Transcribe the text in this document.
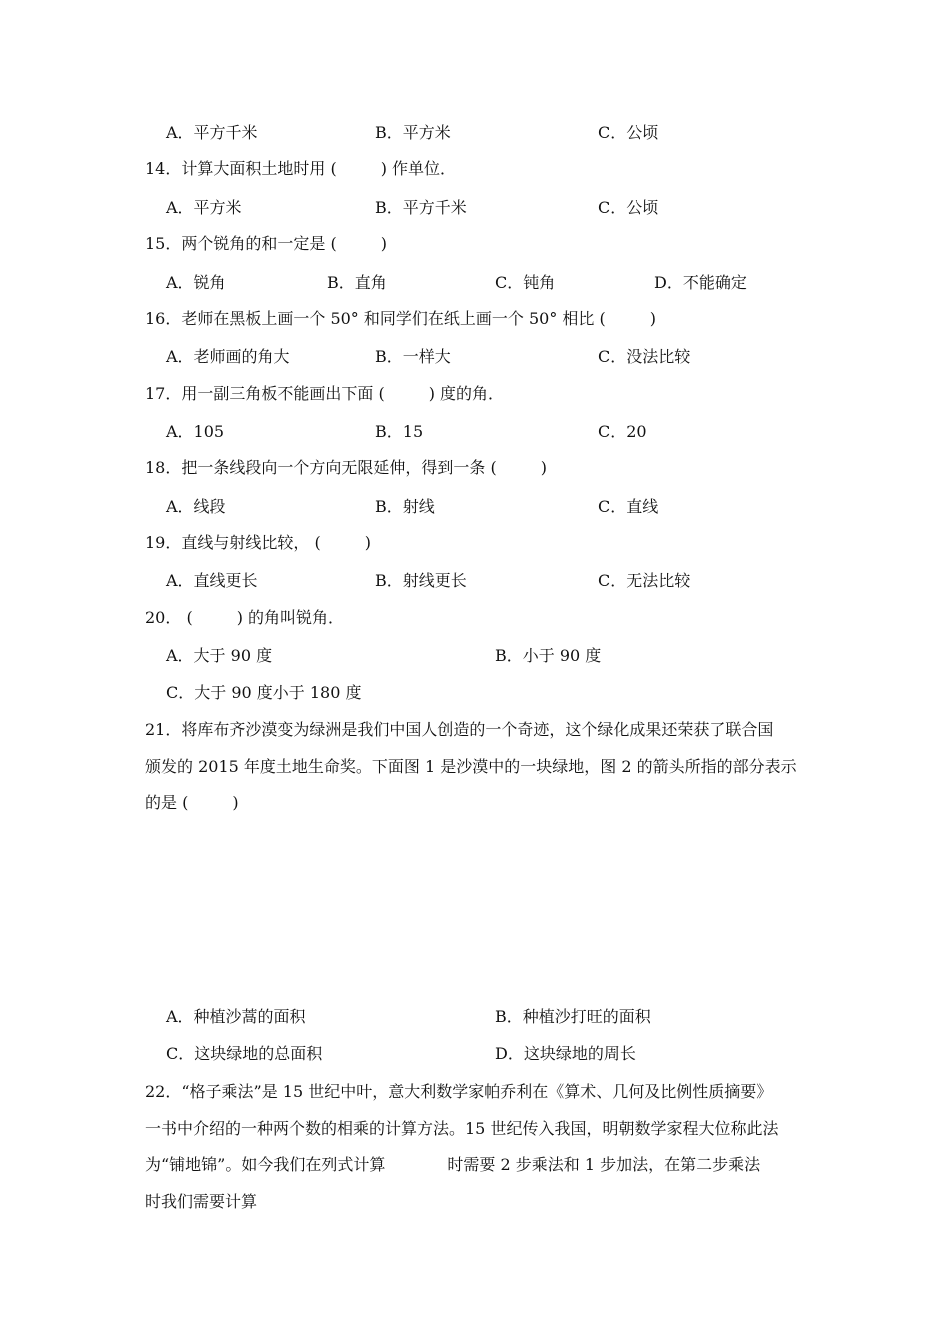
A．平方千米	B．平方米	C．公顷
14．计算大面积土地时用 (	) 作单位．
A．平方米	B．平方千米	C．公顷
15．两个锐角的和一定是 (	)
A．锐角	B．直角	C．钝角	D．不能确定
16．老师在黑板上画一个 50° 和同学们在纸上画一个 50° 相比 (	)
A．老师画的角大	B．一样大	C．没法比较
17．用一副三角板不能画出下面 (	) 度的角．
A．105	B．15	C．20
18．把一条线段向一个方向无限延伸，得到一条 (	)
A．线段	B．射线	C．直线
19．直线与射线比较， (	)
A．直线更长	B．射线更长	C．无法比较
20． (	) 的角叫锐角．
A．大于 90 度	B．小于 90 度
C．大于 90 度小于 180 度
21．将库布齐沙漠变为绿洲是我们中国人创造的一个奇迹，这个绿化成果还荣获了联合国
颁发的 2015 年度土地生命奖。下面图 1 是沙漠中的一块绿地，图 2 的箭头所指的部分表示
的是 (	)
A．种植沙蒿的面积	B．种植沙打旺的面积
C．这块绿地的总面积	D．这块绿地的周长
22．“格子乘法”是 15 世纪中叶，意大利数学家帕乔利在《算术、几何及比例性质摘要》
一书中介绍的一种两个数的相乘的计算方法。15 世纪传入我国，明朝数学家程大位称此法
为“铺地锦”。如今我们在列式计算	时需要 2 步乘法和 1 步加法，在第二步乘法
时我们需要计算
